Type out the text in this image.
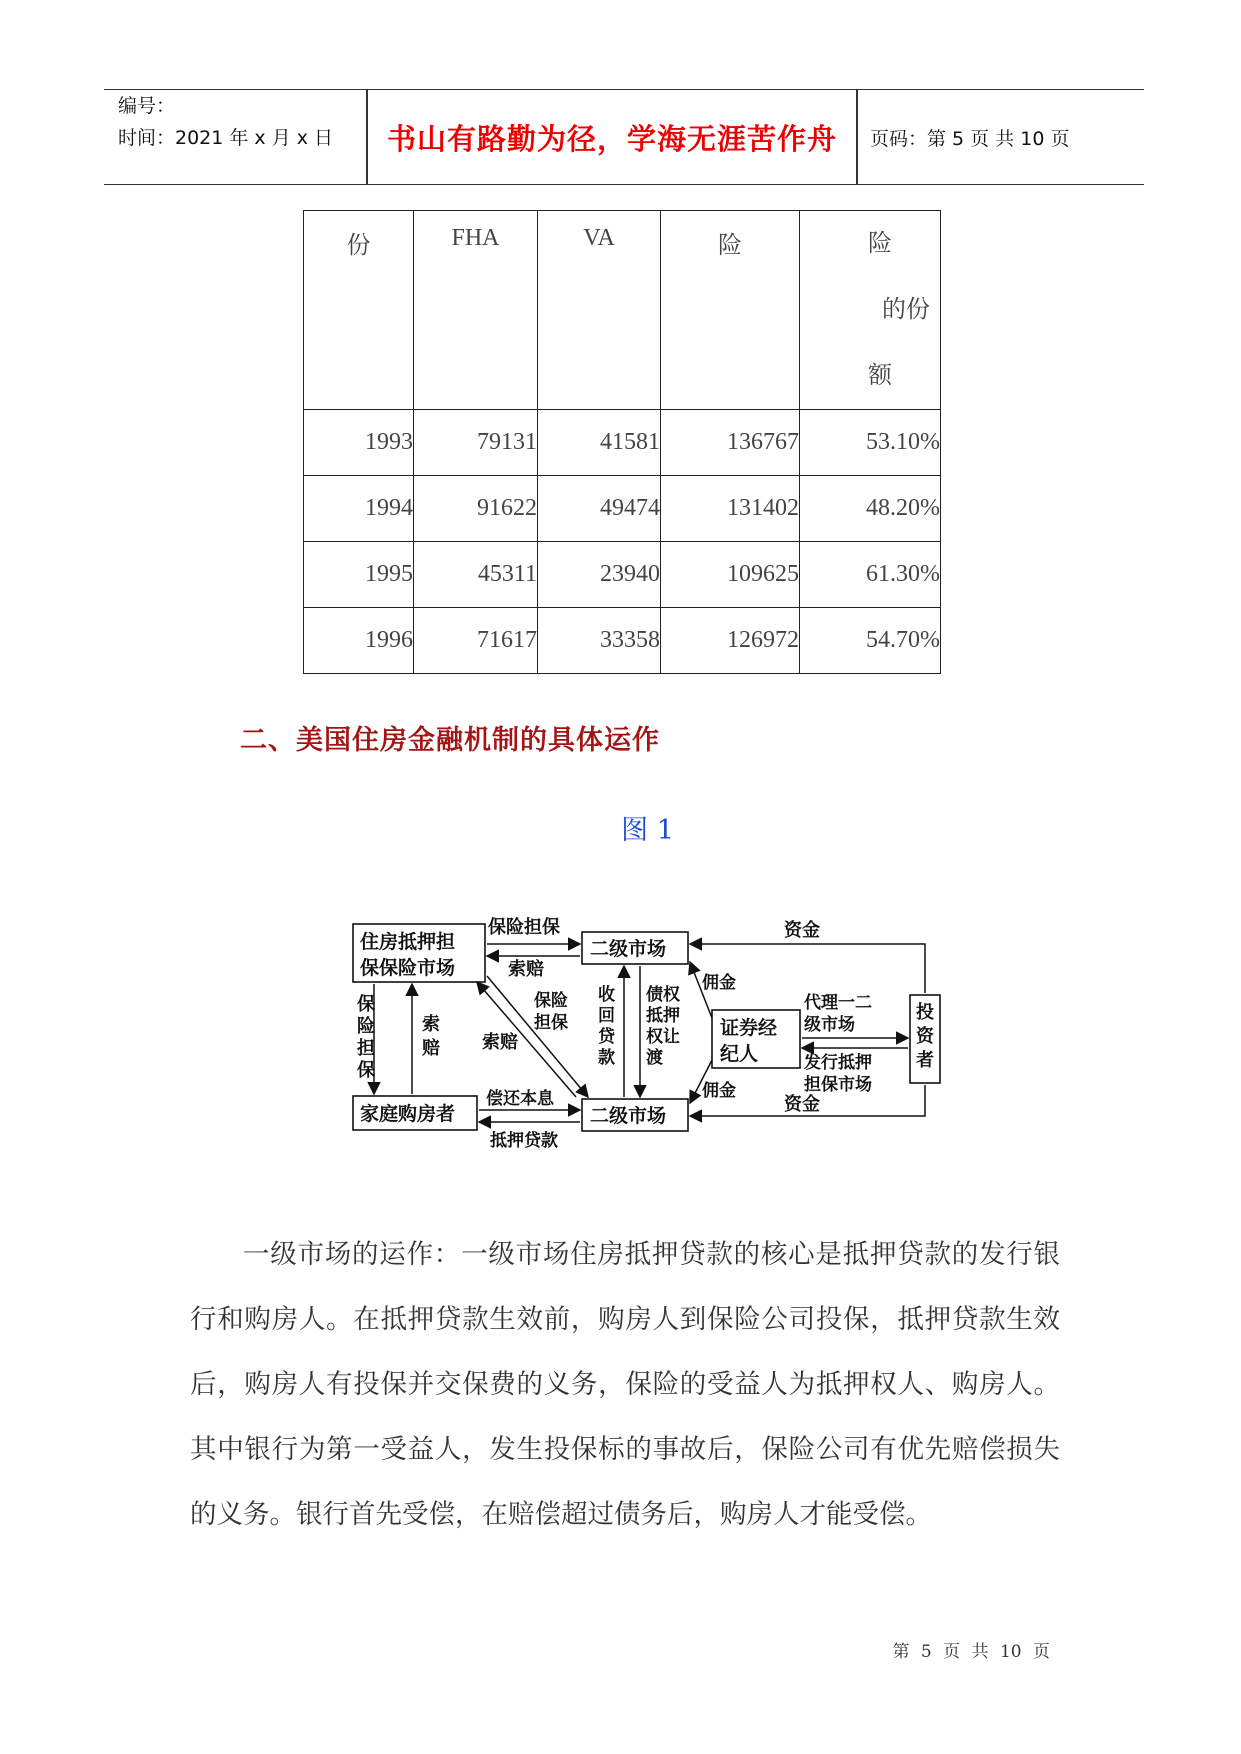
编号：
时间：2021 年 x 月 x 日	书山有路勤为径，学海无涯苦作舟	页码：第 5 页 共 10 页
份	FHA	VA	险	险
的份
额

1993	79131	41581	136767	53.10%
1994	91622	49474	131402	48.20%
1995	45311	23940	109625	61.30%
1996	71617	33358	126972	54.70%
二、美国住房金融机制的具体运作
图 1
住房抵押担
保保险市场
二级市场
二级市场
家庭购房者
证券经
纪人
投
资
者
保险担保
索赔
保险
担保
索赔
保
险
担
保
索
赔
收
回
贷
款
债权
抵押
权让
渡
佣金
佣金
资金
资金
代理一二
级市场
发行抵押
担保市场
偿还本息
抵押贷款

一级市场的运作：一级市场住房抵押贷款的核心是抵押贷款的发行银行和购房人。在抵押贷款生效前，购房人到保险公司投保，抵押贷款生效后，购房人有投保并交保费的义务，保险的受益人为抵押权人、购房人。其中银行为第一受益人，发生投保标的事故后，保险公司有优先赔偿损失的义务。银行首先受偿，在赔偿超过债务后，购房人才能受偿。

第 5 页 共 10 页
